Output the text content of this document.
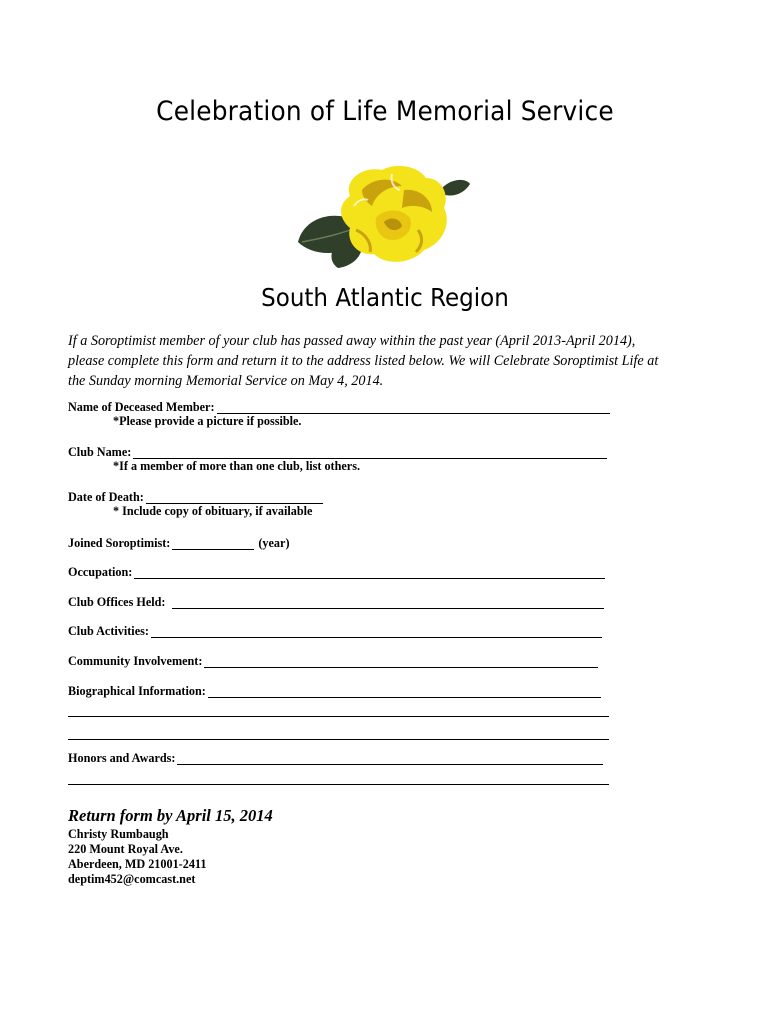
Celebration of Life Memorial Service
South Atlantic Region
If a Soroptimist member of your club has passed away within the past year (April 2013-April 2014),
please complete this form and return it to the address listed below. We will Celebrate Soroptimist Life at
the Sunday morning Memorial Service on May 4, 2014.
Name of Deceased Member:
*Please provide a picture if possible.
Club Name:
*If a member of more than one club, list others.
Date of Death:
* Include copy of obituary, if available
Joined Soroptimist:	(year)
Occupation:
Club Offices Held:
Club Activities:
Community Involvement:
Biographical Information:
Honors and Awards:
Return form by April 15, 2014
Christy Rumbaugh
220 Mount Royal Ave.
Aberdeen, MD 21001-2411
deptim452@comcast.net
